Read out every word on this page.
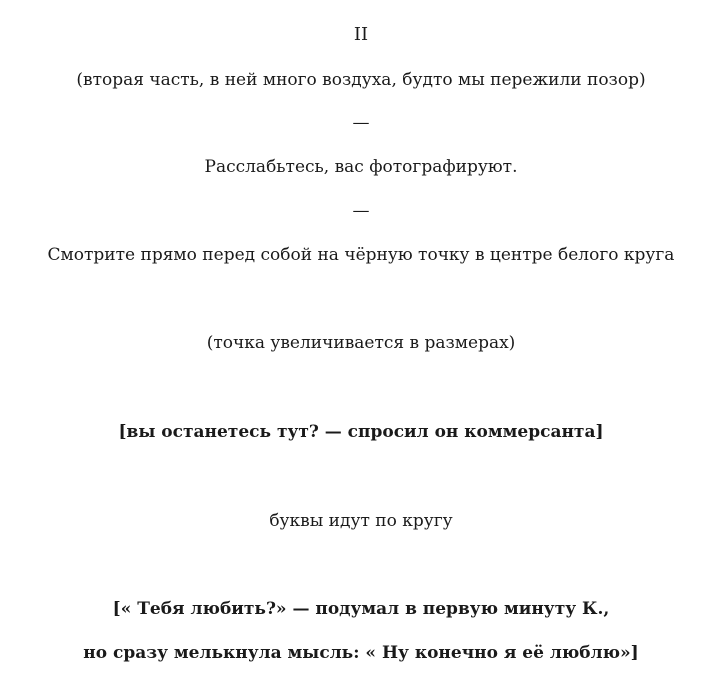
II
(вторая часть, в ней много воздуха, будто мы пережили позор)
—
Расслабьтесь, вас фотографируют.
—
Смотрите прямо перед собой на чёрную точку в центре белого круга
(точка увеличивается в размерах)
[вы останетесь тут? — спросил он коммерсанта]
буквы идут по кругу
[« Тебя любить?» — подумал в первую минуту К.,
но сразу мелькнула мысль: « Ну конечно я её люблю»]
